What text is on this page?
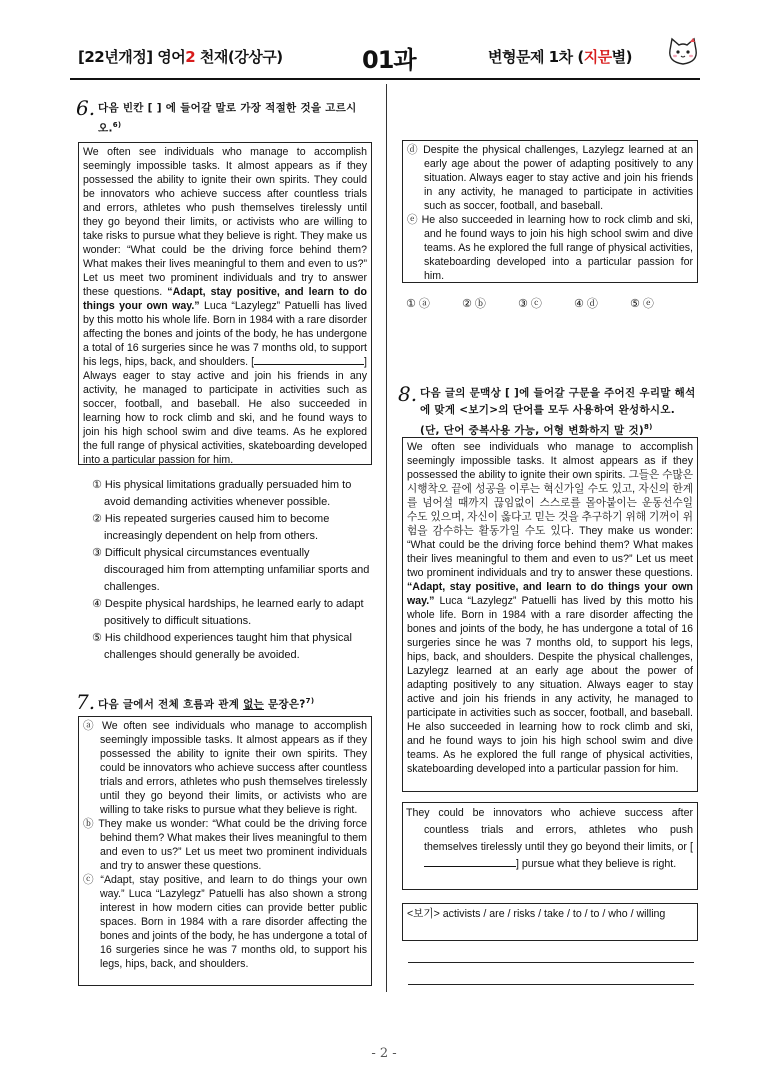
[22년개정] 영어2 천재(강상구)	01과	변형문제 1차 (지문별)
6. 다음 빈칸 [ ] 에 들어갈 말로 가장 적절한 것을 고르시오.$^{6)}$
We often see individuals who manage to accomplish seemingly impossible tasks. It almost appears as if they possessed the ability to ignite their own spirits. They could be innovators who achieve success after countless trials and errors, athletes who push themselves tirelessly until they go beyond their limits, or activists who are willing to take risks to pursue what they believe is right. They make us wonder: “What could be the driving force behind them? What makes their lives meaningful to them and even to us?” Let us meet two prominent individuals and try to answer these questions. “Adapt, stay positive, and learn to do things your own way.” Luca “Lazylegz” Patuelli has lived by this motto his whole life. Born in 1984 with a rare disorder affecting the bones and joints of the body, he has undergone a total of 16 surgeries since he was 7 months old, to support his legs, hips, back, and shoulders. [	] Always eager to stay active and join his friends in any activity, he managed to participate in activities such as soccer, football, and baseball. He also succeeded in learning how to rock climb and ski, and he found ways to join his high school swim and dive teams. As he explored the full range of physical activities, skateboarding developed into a particular passion for him.
① His physical limitations gradually persuaded him to avoid demanding activities whenever possible.
② His repeated surgeries caused him to become increasingly dependent on help from others.
③ Difficult physical circumstances eventually discouraged him from attempting unfamiliar sports and challenges.
④ Despite physical hardships, he learned early to adapt positively to difficult situations.
⑤ His childhood experiences taught him that physical challenges should generally be avoided.
7. 다음 글에서 전체 흐름과 관계 없는 문장은?$^{7)}$
ⓐ We often see individuals who manage to accomplish seemingly impossible tasks. It almost appears as if they possessed the ability to ignite their own spirits. They could be innovators who achieve success after countless trials and errors, athletes who push themselves tirelessly until they go beyond their limits, or activists who are willing to take risks to pursue what they believe is right.
ⓑ They make us wonder: “What could be the driving force behind them? What makes their lives meaningful to them and even to us?” Let us meet two prominent individuals and try to answer these questions.
ⓒ “Adapt, stay positive, and learn to do things your own way.” Luca “Lazylegz” Patuelli has also shown a strong interest in how modern cities can provide better public spaces. Born in 1984 with a rare disorder affecting the bones and joints of the body, he has undergone a total of 16 surgeries since he was 7 months old, to support his legs, hips, back, and shoulders.
ⓓ Despite the physical challenges, Lazylegz learned at an early age about the power of adapting positively to any situation. Always eager to stay active and join his friends in any activity, he managed to participate in activities such as soccer, football, and baseball.
ⓔ He also succeeded in learning how to rock climb and ski, and he found ways to join his high school swim and dive teams. As he explored the full range of physical activities, skateboarding developed into a particular passion for him.
① ⓐ	② ⓑ	③ ⓒ	④ ⓓ	⑤ ⓔ
8. 다음 글의 문맥상 [ ]에 들어갈 구문을 주어진 우리말 해석에 맞게 <보기>의 단어를 모두 사용하여 완성하시오. (단, 단어 중복사용 가능, 어형 변화하지 말 것)$^{8)}$
We often see individuals who manage to accomplish seemingly impossible tasks. It almost appears as if they possessed the ability to ignite their own spirits. 그들은 수많은 시행착오 끝에 성공을 이루는 혁신가일 수도 있고, 자신의 한계를 넘어설 때까지 끊임없이 스스로를 몰아붙이는 운동선수일 수도 있으며, 자신이 옳다고 믿는 것을 추구하기 위해 기꺼이 위험을 감수하는 활동가일 수도 있다. They make us wonder: “What could be the driving force behind them? What makes their lives meaningful to them and even to us?” Let us meet two prominent individuals and try to answer these questions. “Adapt, stay positive, and learn to do things your own way.” Luca “Lazylegz” Patuelli has lived by this motto his whole life. Born in 1984 with a rare disorder affecting the bones and joints of the body, he has undergone a total of 16 surgeries since he was 7 months old, to support his legs, hips, back, and shoulders. Despite the physical challenges, Lazylegz learned at an early age about the power of adapting positively to any situation. Always eager to stay active and join his friends in any activity, he managed to participate in activities such as soccer, football, and baseball. He also succeeded in learning how to rock climb and ski, and he found ways to join his high school swim and dive teams. As he explored the full range of physical activities, skateboarding developed into a particular passion for him.
They could be innovators who achieve success after countless trials and errors, athletes who push themselves tirelessly until they go beyond their limits, or [] pursue what they believe is right.
<보기> activists / are / risks / take / to / to / who / willing
- 2 -
